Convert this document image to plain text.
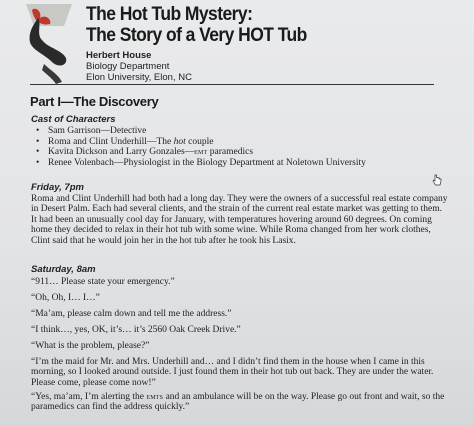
The Hot Tub Mystery:
The Story of a Very HOT Tub
Herbert House
Biology Department
Elon University, Elon, NC
Part I—The Discovery
Cast of Characters
• Sam Garrison—Detective
• Roma and Clint Underhill—The hot couple
• Kavita Dickson and Larry Gonzales—emt paramedics
• Renee Volenbach—Physiologist in the Biology Department at Noletown University
Friday, 7pm
Roma and Clint Underhill had both had a long day. They were the owners of a successful real estate company in Desert Palm. Each had several clients, and the strain of the current real estate market was getting to them. It had been an unusually cool day for January, with temperatures hovering around 60 degrees. On coming home they decided to relax in their hot tub with some wine. While Roma changed from her work clothes, Clint said that he would join her in the hot tub after he took his Lasix.
Saturday, 8am
“911… Please state your emergency.”
“Oh, Oh, I… I…”
“Ma’am, please calm down and tell me the address.”
“I think…, yes, OK, it’s… it’s 2560 Oak Creek Drive.”
“What is the problem, please?”
“I’m the maid for Mr. and Mrs. Underhill and… and I didn’t find them in the house when I came in this morning, so I looked around outside. I just found them in their hot tub out back. They are under the water. Please come, please come now!”
“Yes, ma’am, I’m alerting the emts and an ambulance will be on the way. Please go out front and wait, so the paramedics can find the address quickly.”
